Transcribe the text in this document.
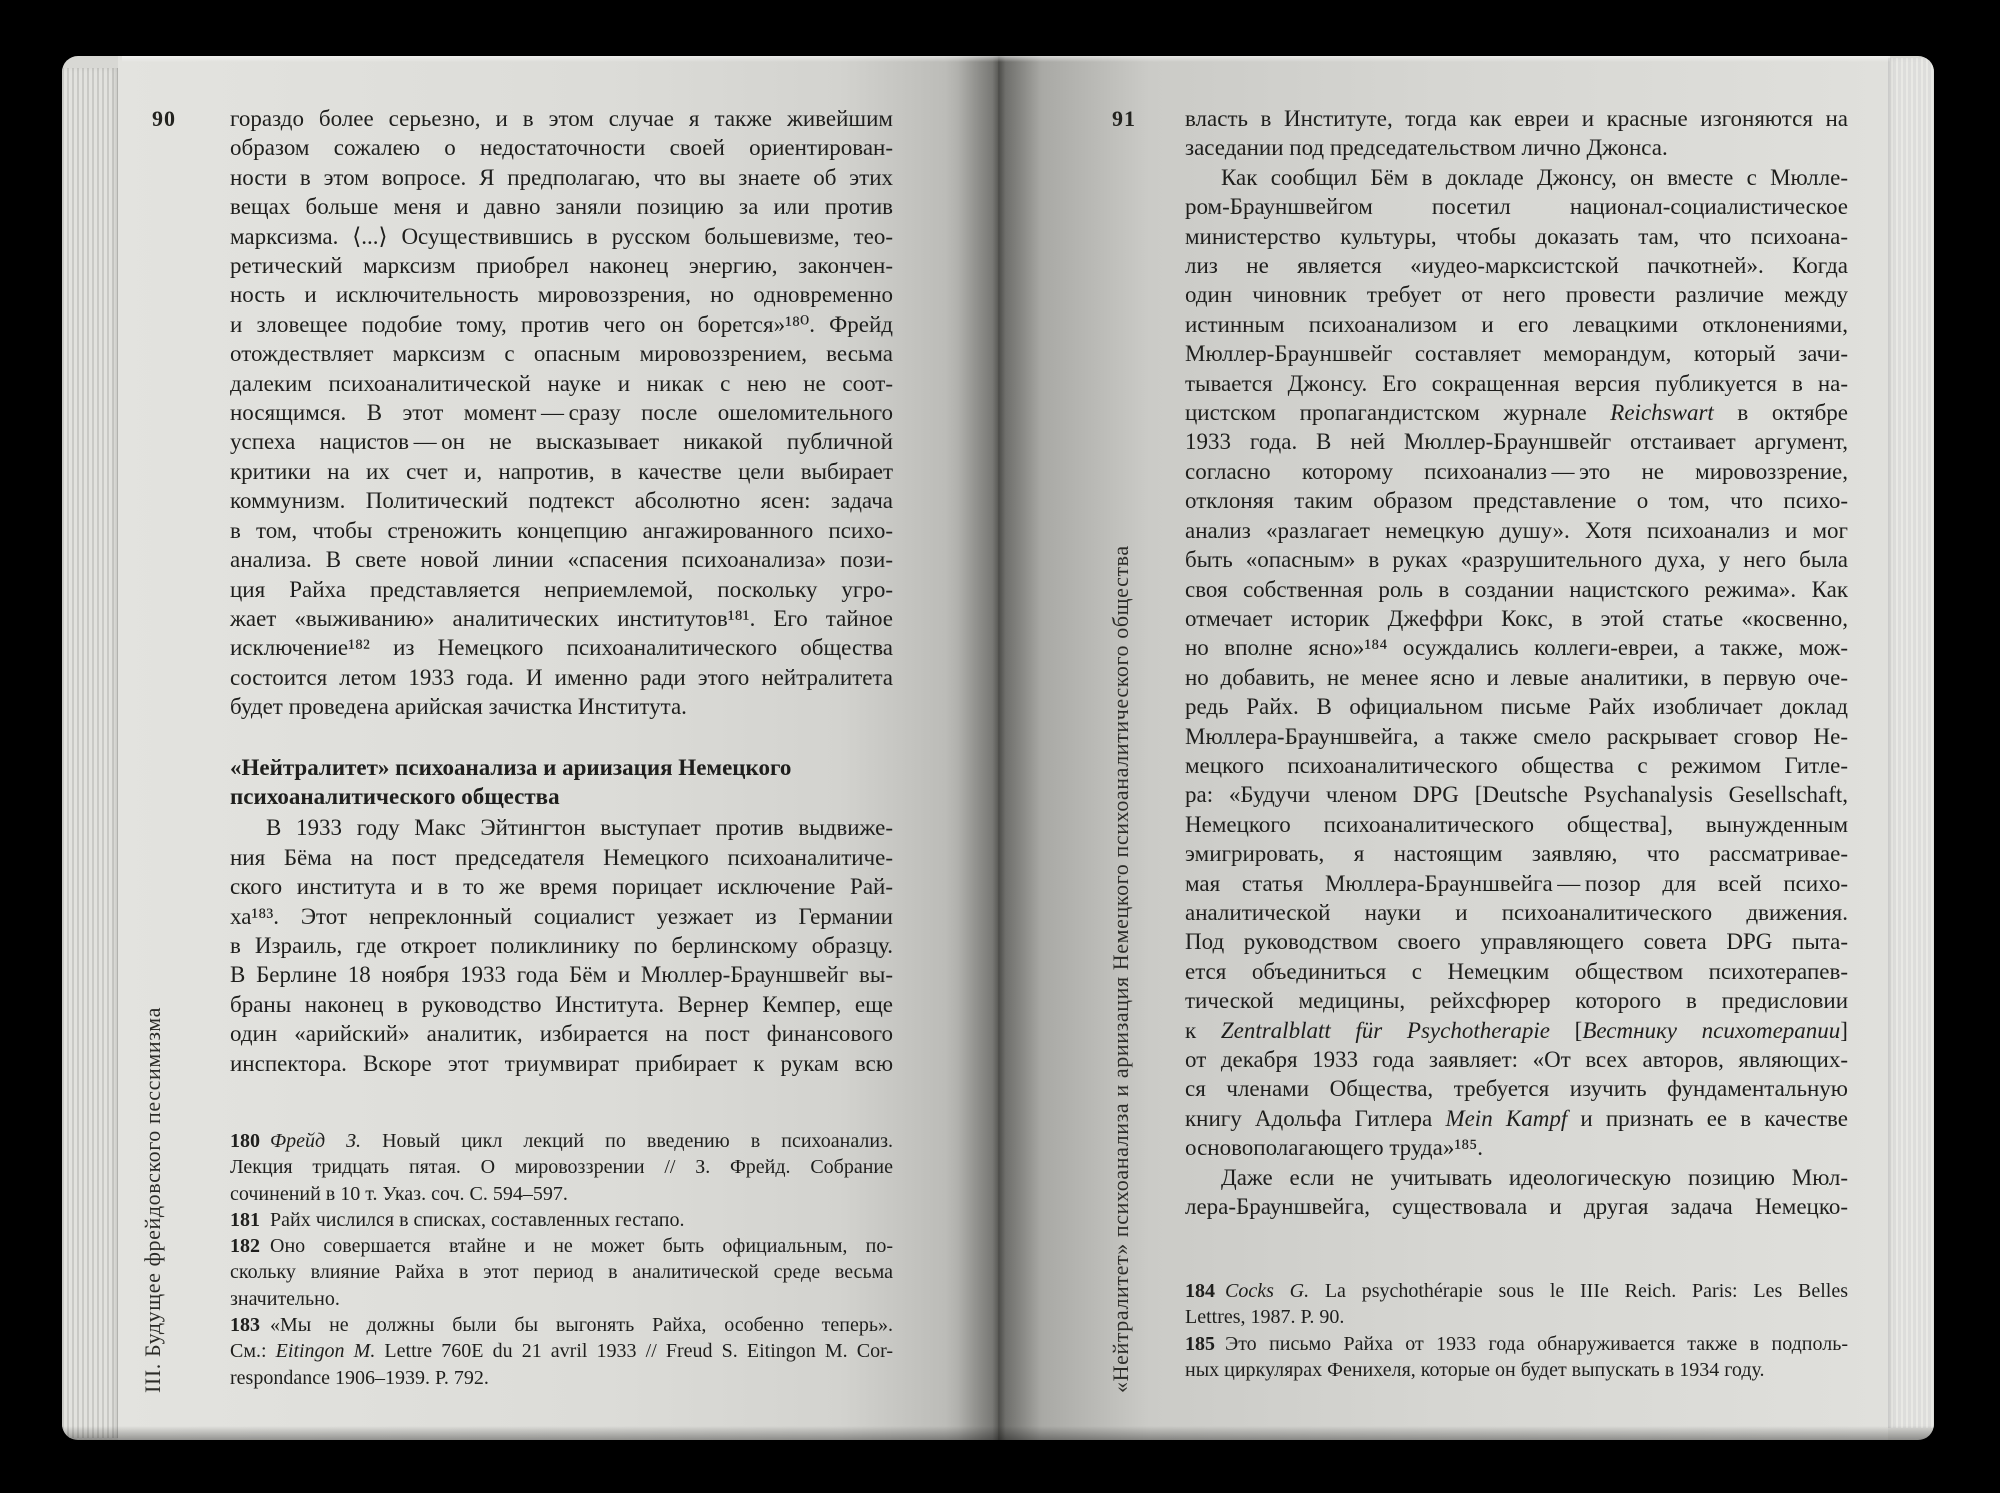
90	91
III. Будущее фрейдовского пессимизма	«Нейтралитет» психоанализа и ариизация Немецкого психоаналитического общества
гораздо более серьезно, и в этом случае я также живейшим
образом сожалею о недостаточности своей ориентирован-
ности в этом вопросе. Я предполагаю, что вы знаете об этих
вещах больше меня и давно заняли позицию за или против
марксизма. ⟨...⟩ Осуществившись в русском большевизме, тео-
ретический марксизм приобрел наконец энергию, закончен-
ность и исключительность мировоззрения, но одновременно
и зловещее подобие тому, против чего он борется»¹⁸⁰. Фрейд
отождествляет марксизм с опасным мировоззрением, весьма
далеким психоаналитической науке и никак с нею не соот-
носящимся. В этот момент — сразу после ошеломительного
успеха нацистов — он не высказывает никакой публичной
критики на их счет и, напротив, в качестве цели выбирает
коммунизм. Политический подтекст абсолютно ясен: задача
в том, чтобы стреножить концепцию ангажированного психо-
анализа. В свете новой линии «спасения психоанализа» пози-
ция Райха представляется неприемлемой, поскольку угро-
жает «выживанию» аналитических институтов¹⁸¹. Его тайное
исключение¹⁸² из Немецкого психоаналитического общества
состоится летом 1933 года. И именно ради этого нейтралитета
будет проведена арийская зачистка Института.
«Нейтралитет» психоанализа и ариизация Немецкого
психоаналитического общества
В 1933 году Макс Эйтингтон выступает против выдвиже-
ния Бёма на пост председателя Немецкого психоаналитиче-
ского института и в то же время порицает исключение Рай-
ха¹⁸³. Этот непреклонный социалист уезжает из Германии
в Израиль, где откроет поликлинику по берлинскому образцу.
В Берлине 18 ноября 1933 года Бём и Мюллер-Брауншвейг вы-
браны наконец в руководство Института. Вернер Кемпер, еще
один «арийский» аналитик, избирается на пост финансового
инспектора. Вскоре этот триумвират прибирает к рукам всю
180  Фрейд З. Новый цикл лекций по введению в психоанализ.
Лекция тридцать пятая. О мировоззрении // З. Фрейд. Собрание
сочинений в 10 т. Указ. соч. С. 594–597.
181 Райх числился в списках, составленных гестапо.
182 Оно совершается втайне и не может быть официальным, по-
скольку влияние Райха в этот период в аналитической среде весьма
значительно.
183 «Мы не должны были бы выгонять Райха, особенно теперь».
См.: Eitingon M. Lettre 760E du 21 avril 1933 // Freud S. Eitingon M. Cor-
respondance 1906–1939. P. 792.
власть в Институте, тогда как евреи и красные изгоняются на
заседании под председательством лично Джонса.
Как сообщил Бём в докладе Джонсу, он вместе с Мюлле-
ром-Брауншвейгом посетил национал-социалистическое
министерство культуры, чтобы доказать там, что психоана-
лиз не является «иудео-марксистской пачкотней». Когда
один чиновник требует от него провести различие между
истинным психоанализом и его левацкими отклонениями,
Мюллер-Брауншвейг составляет меморандум, который зачи-
тывается Джонсу. Его сокращенная версия публикуется в на-
цистском пропагандистском журнале Reichswart в октябре
1933 года. В ней Мюллер-Брауншвейг отстаивает аргумент,
согласно которому психоанализ — это не мировоззрение,
отклоняя таким образом представление о том, что психо-
анализ «разлагает немецкую душу». Хотя психоанализ и мог
быть «опасным» в руках «разрушительного духа, у него была
своя собственная роль в создании нацистского режима». Как
отмечает историк Джеффри Кокс, в этой статье «косвенно,
но вполне ясно»¹⁸⁴ осуждались коллеги-евреи, а также, мож-
но добавить, не менее ясно и левые аналитики, в первую оче-
редь Райх. В официальном письме Райх изобличает доклад
Мюллера-Брауншвейга, а также смело раскрывает сговор Не-
мецкого психоаналитического общества с режимом Гитле-
ра: «Будучи членом DPG [Deutsche Psychanalysis Gesellschaft,
Немецкого психоаналитического общества], вынужденным
эмигрировать, я настоящим заявляю, что рассматривае-
мая статья Мюллера-Брауншвейга — позор для всей психо-
аналитической науки и психоаналитического движения.
Под руководством своего управляющего совета DPG пыта-
ется объединиться с Немецким обществом психотерапев-
тической медицины, рейхсфюрер которого в предисловии
к Zentralblatt für Psychotherapie [Вестнику психотерапии]
от декабря 1933 года заявляет: «От всех авторов, являющих-
ся членами Общества, требуется изучить фундаментальную
книгу Адольфа Гитлера Mein Kampf и признать ее в качестве
основополагающего труда»¹⁸⁵.
Даже если не учитывать идеологическую позицию Мюл-
лера-Брауншвейга, существовала и другая задача Немецко-
184  Cocks G. La psychothérapie sous le IIIe Reich. Paris: Les Belles
Lettres, 1987. P. 90.
185 Это письмо Райха от 1933 года обнаруживается также в подполь-
ных циркулярах Фенихеля, которые он будет выпускать в 1934 году.
